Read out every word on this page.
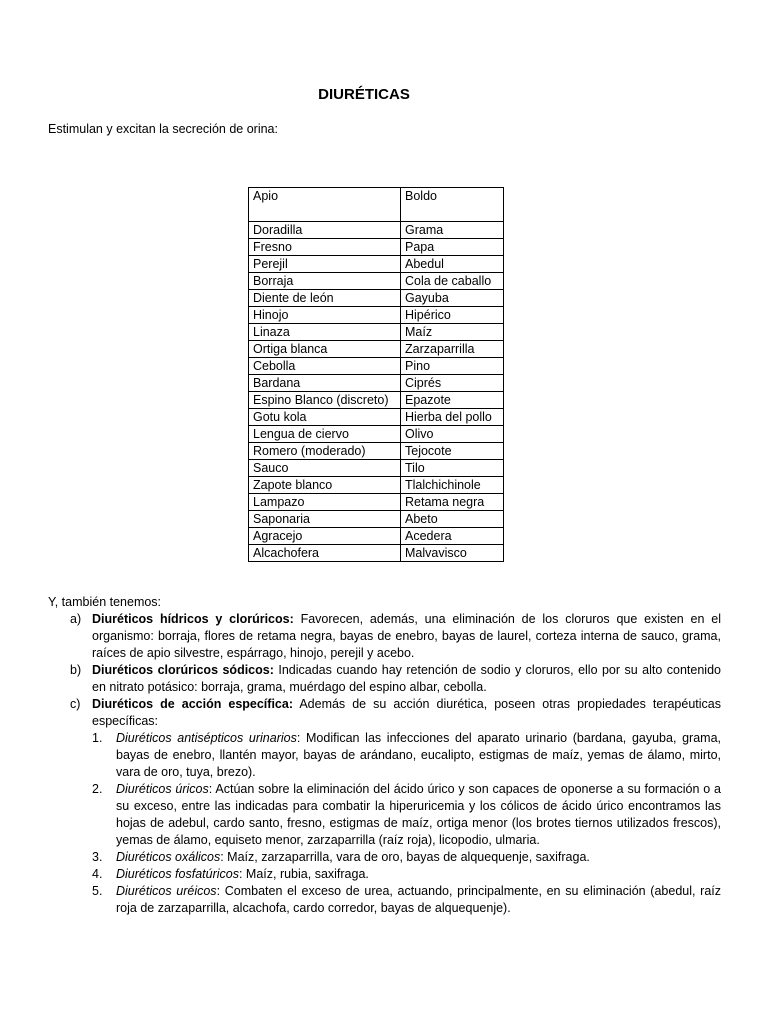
DIURÉTICAS
Estimulan y excitan la secreción de orina:
Apio	Boldo
Doradilla	Grama
Fresno	Papa
Perejil	Abedul
Borraja	Cola de caballo
Diente de león	Gayuba
Hinojo	Hipérico
Linaza	Maíz
Ortiga blanca	Zarzaparrilla
Cebolla	Pino
Bardana	Ciprés
Espino Blanco (discreto)	Epazote
Gotu kola	Hierba del pollo
Lengua de ciervo	Olivo
Romero (moderado)	Tejocote
Sauco	Tilo
Zapote blanco	Tlalchichinole
Lampazo	Retama negra
Saponaria	Abeto
Agracejo	Acedera
Alcachofera	Malvavisco
Y, también tenemos:
a) Diuréticos hídricos y clorúricos: Favorecen, además, una eliminación de los cloruros que existen en el organismo: borraja, flores de retama negra, bayas de enebro, bayas de laurel, corteza interna de sauco, grama, raíces de apio silvestre, espárrago, hinojo, perejil y acebo.
b) Diuréticos clorúricos sódicos: Indicadas cuando hay retención de sodio y cloruros, ello por su alto contenido en nitrato potásico: borraja, grama, muérdago del espino albar, cebolla.
c) Diuréticos de acción específica: Además de su acción diurética, poseen otras propiedades terapéuticas específicas:
1. Diuréticos antisépticos urinarios: Modifican las infecciones del aparato urinario (bardana, gayuba, grama, bayas de enebro, llantén mayor, bayas de arándano, eucalipto, estigmas de maíz, yemas de álamo, mirto, vara de oro, tuya, brezo).
2. Diuréticos úricos: Actúan sobre la eliminación del ácido úrico y son capaces de oponerse a su formación o a su exceso, entre las indicadas para combatir la hiperuricemia y los cólicos de ácido úrico encontramos las hojas de adebul, cardo santo, fresno, estigmas de maíz, ortiga menor (los brotes tiernos utilizados frescos), yemas de álamo, equiseto menor, zarzaparrilla (raíz roja), licopodio, ulmaria.
3. Diuréticos oxálicos: Maíz, zarzaparrilla, vara de oro, bayas de alquequenje, saxifraga.
4. Diuréticos fosfatúricos: Maíz, rubia, saxifraga.
5. Diuréticos uréicos: Combaten el exceso de urea, actuando, principalmente, en su eliminación (abedul, raíz roja de zarzaparrilla, alcachofa, cardo corredor, bayas de alquequenje).
